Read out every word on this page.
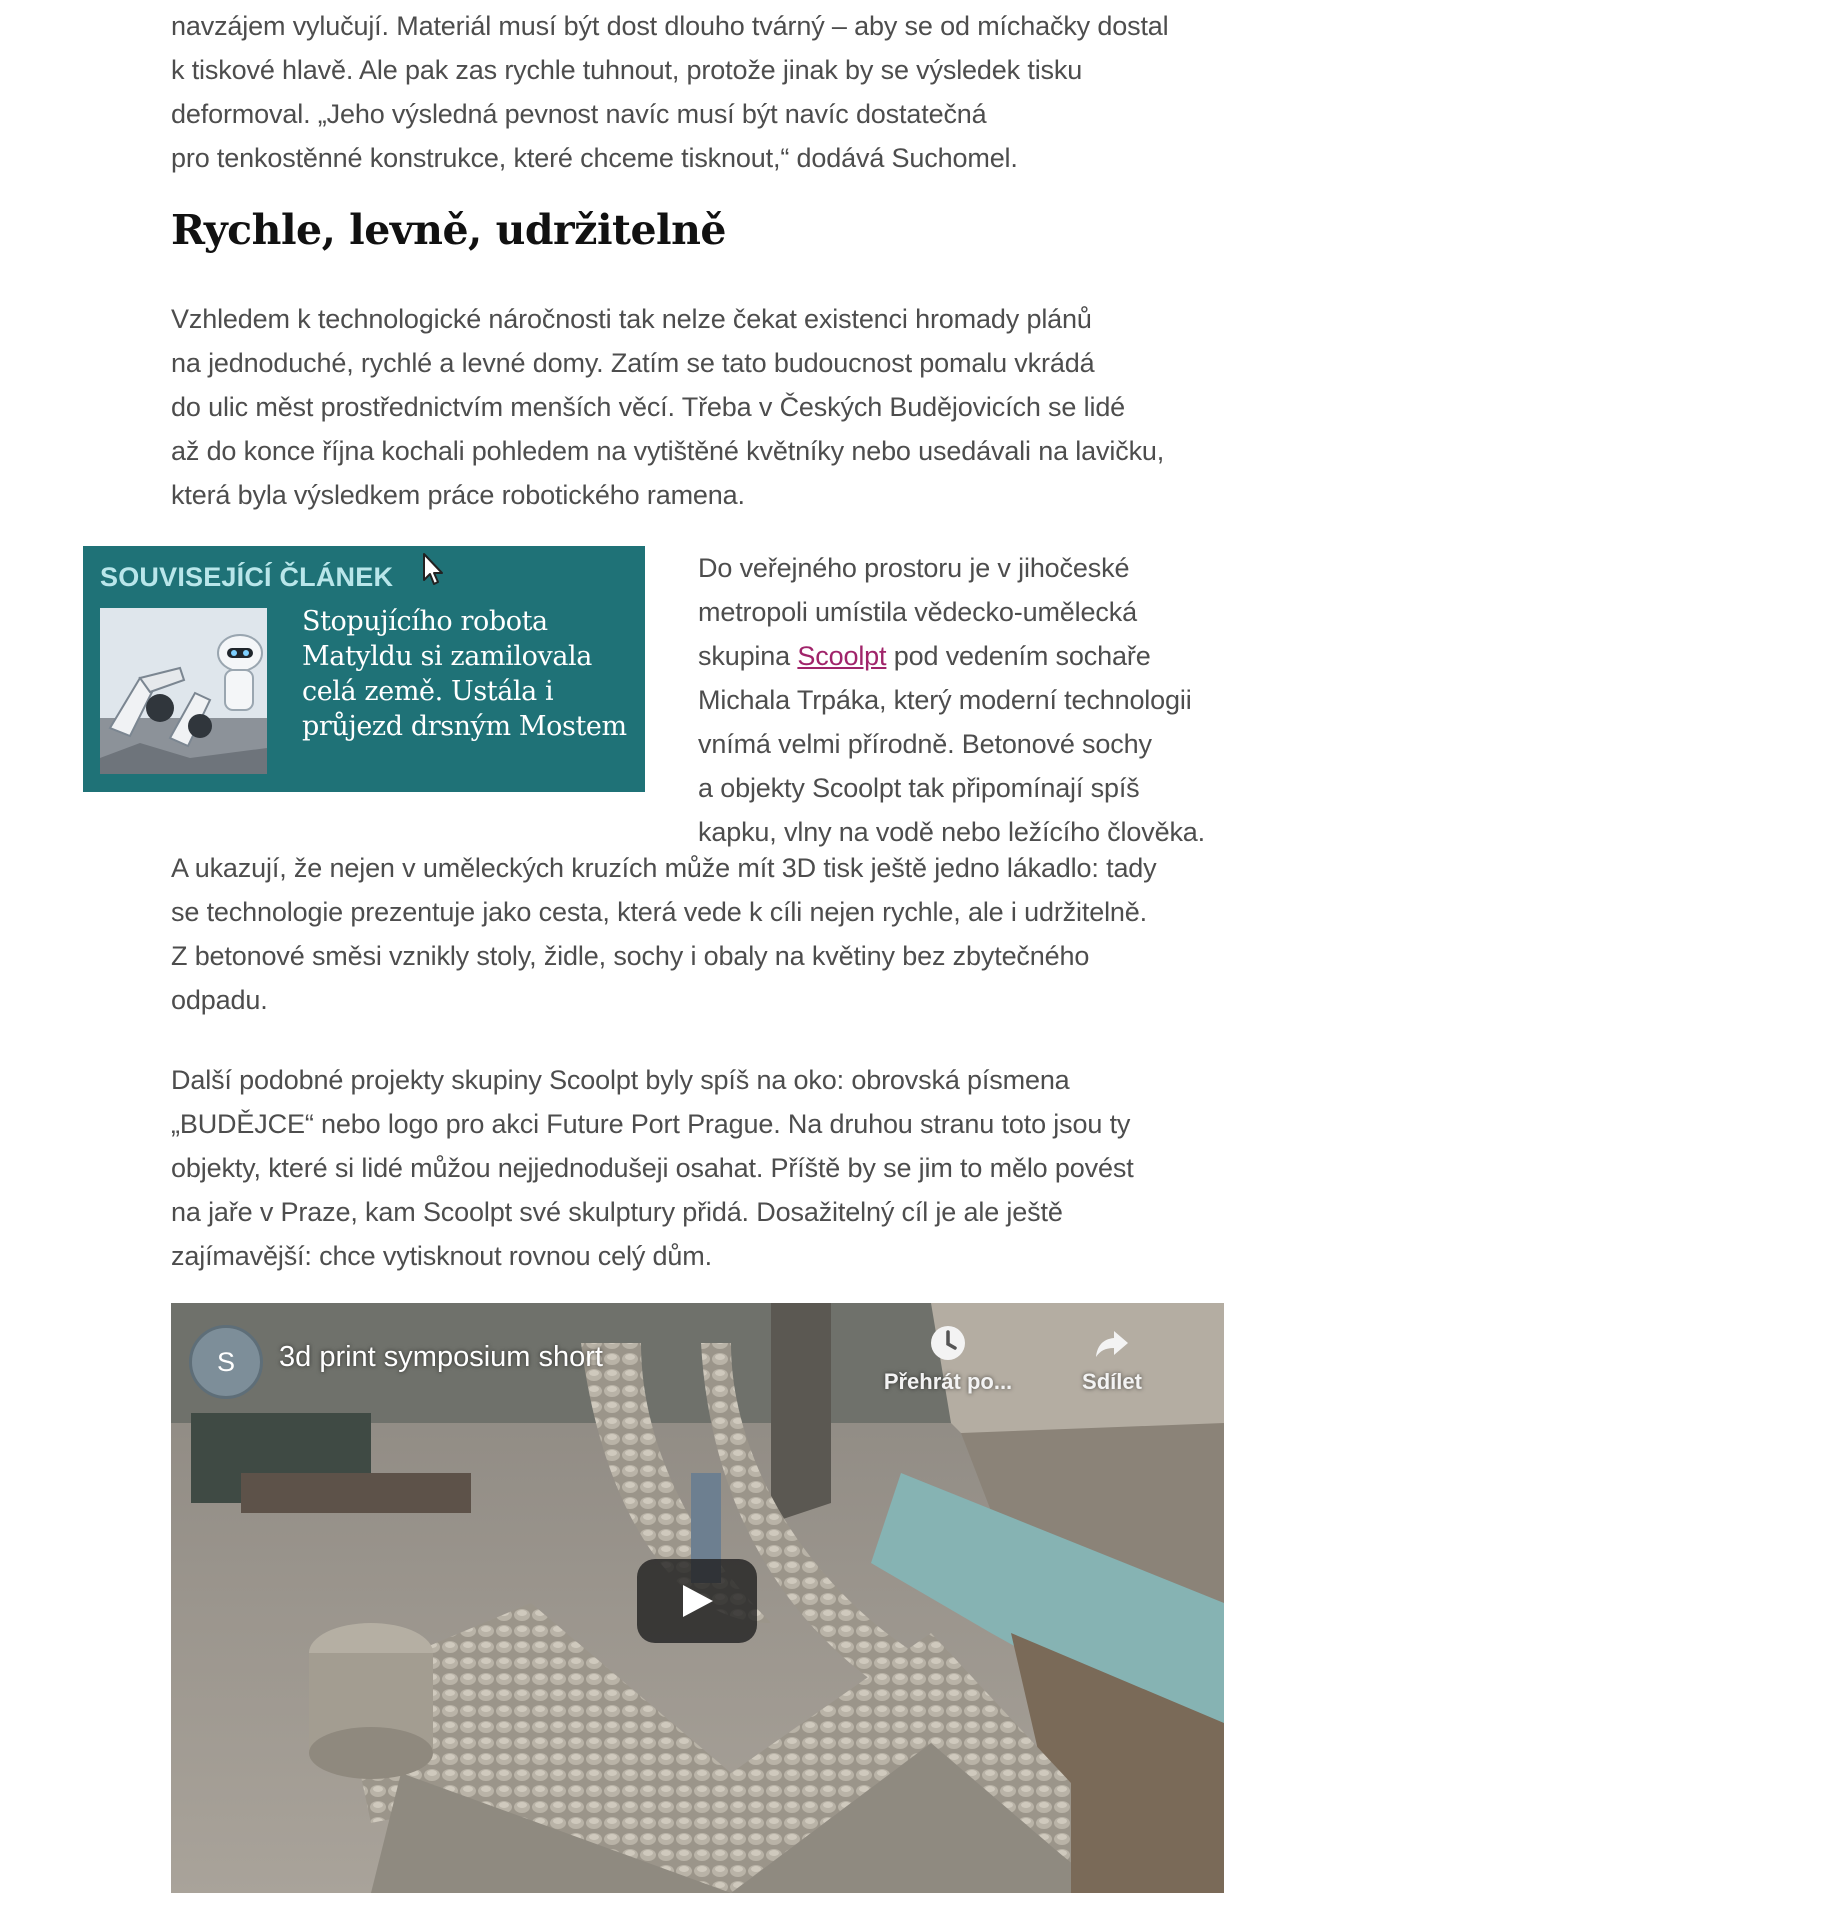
navzájem vylučují. Materiál musí být dost dlouho tvárný – aby se od míchačky dostal
k tiskové hlavě. Ale pak zas rychle tuhnout, protože jinak by se výsledek tisku
deformoval. „Jeho výsledná pevnost navíc musí být navíc dostatečná
pro tenkostěnné konstrukce, které chceme tisknout,“ dodává Suchomel.

Rychle, levně, udržitelně

Vzhledem k technologické náročnosti tak nelze čekat existenci hromady plánů
na jednoduché, rychlé a levné domy. Zatím se tato budoucnost pomalu vkrádá
do ulic měst prostřednictvím menších věcí. Třeba v Českých Budějovicích se lidé
až do konce října kochali pohledem na vytištěné květníky nebo usedávali na lavičku,
která byla výsledkem práce robotického ramena.

SOUVISEJÍCÍ ČLÁNEK
Stopujícího robota
Matyldu si zamilovala
celá země. Ustála i
průjezd drsným Mostem

Do veřejného prostoru je v jihočeské
metropoli umístila vědecko-umělecká
skupina Scoolpt pod vedením sochaře
Michala Trpáka, který moderní technologii
vnímá velmi přírodně. Betonové sochy
a objekty Scoolpt tak připomínají spíš
kapku, vlny na vodě nebo ležícího člověka.

A ukazují, že nejen v uměleckých kruzích může mít 3D tisk ještě jedno lákadlo: tady
se technologie prezentuje jako cesta, která vede k cíli nejen rychle, ale i udržitelně.
Z betonové směsi vznikly stoly, židle, sochy i obaly na květiny bez zbytečného
odpadu.

Další podobné projekty skupiny Scoolpt byly spíš na oko: obrovská písmena
„BUDĚJCE“ nebo logo pro akci Future Port Prague. Na druhou stranu toto jsou ty
objekty, které si lidé můžou nejjednodušeji osahat. Příště by se jim to mělo povést
na jaře v Praze, kam Scoolpt své skulptury přidá. Dosažitelný cíl je ale ještě
zajímavější: chce vytisknout rovnou celý dům.

S	3d print symposium short
Přehrát po...	Sdílet
